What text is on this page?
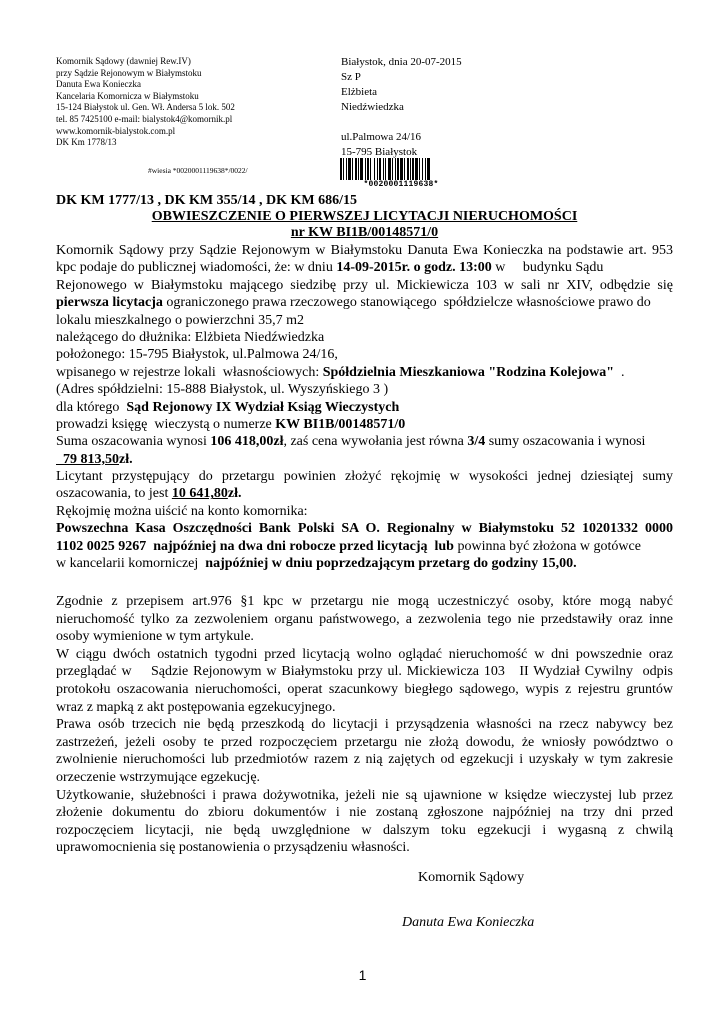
Komornik Sądowy (dawniej Rew.IV)
przy Sądzie Rejonowym w Białymstoku
Danuta Ewa Konieczka
Kancelaria Komornicza w Białymstoku
15-124 Białystok ul. Gen. Wł. Andersa 5 lok. 502
tel. 85 7425100 e-mail: bialystok4@komornik.pl
www.komornik-bialystok.com.pl
DK Km 1778/13
Białystok, dnia 20-07-2015
Sz P
Elżbieta
Niedźwiedzka
ul.Palmowa 24/16
15-795 Białystok
#wiesia *0020001119638*/0022/
*0020001119638*
DK KM 1777/13 , DK KM 355/14 , DK KM 686/15
OBWIESZCZENIE O PIERWSZEJ LICYTACJI NIERUCHOMOŚCI
nr KW BI1B/00148571/0
Komornik Sądowy przy Sądzie Rejonowym w Białymstoku Danuta Ewa Konieczka na podstawie art. 953
kpc podaje do publicznej wiadomości, że: w dniu 14-09-2015r. o godz. 13:00 w     budynku Sądu
Rejonowego w Białymstoku mającego siedzibę przy ul. Mickiewicza 103 w sali nr XIV, odbędzie się
pierwsza licytacja ograniczonego prawa rzeczowego stanowiącego  spółdzielcze własnościowe prawo do
lokalu mieszkalnego o powierzchni 35,7 m2
należącego do dłużnika: Elżbieta Niedźwiedzka
położonego: 15-795 Białystok, ul.Palmowa 24/16,
wpisanego w rejestrze lokali  własnościowych: Spółdzielnia Mieszkaniowa "Rodzina Kolejowa"  .
(Adres spółdzielni: 15-888 Białystok, ul. Wyszyńskiego 3 )
dla którego  Sąd Rejonowy IX Wydział Ksiąg Wieczystych
prowadzi księgę  wieczystą o numerze KW BI1B/00148571/0
Suma oszacowania wynosi 106 418,00zł, zaś cena wywołania jest równa 3/4 sumy oszacowania i wynosi
79 813,50zł.
Licytant przystępujący do przetargu powinien złożyć rękojmię w wysokości jednej dziesiątej sumy
oszacowania, to jest 10 641,80zł.
Rękojmię można uiścić na konto komornika:
Powszechna Kasa Oszczędności Bank Polski SA O. Regionalny w Białymstoku 52 10201332 0000
1102 0025 9267  najpóźniej na dwa dni robocze przed licytacją  lub powinna być złożona w gotówce
w kancelarii komorniczej  najpóźniej w dniu poprzedzającym przetarg do godziny 15,00.
Zgodnie z przepisem art.976 §1 kpc w przetargu nie mogą uczestniczyć osoby, które mogą nabyć
nieruchomość tylko za zezwoleniem organu państwowego, a zezwolenia tego nie przedstawiły oraz inne
osoby wymienione w tym artykule.
W ciągu dwóch ostatnich tygodni przed licytacją wolno oglądać nieruchomość w dni powszednie oraz
przeglądać w    Sądzie Rejonowym w Białymstoku przy ul. Mickiewicza 103   II Wydział Cywilny  odpis
protokołu oszacowania nieruchomości, operat szacunkowy biegłego sądowego, wypis z rejestru gruntów
wraz z mapką z akt postępowania egzekucyjnego.
Prawa osób trzecich nie będą przeszkodą do licytacji i przysądzenia własności na rzecz nabywcy bez
zastrzeżeń, jeżeli osoby te przed rozpoczęciem przetargu nie złożą dowodu, że wniosły powództwo o
zwolnienie nieruchomości lub przedmiotów razem z nią zajętych od egzekucji i uzyskały w tym zakresie
orzeczenie wstrzymujące egzekucję.
Użytkowanie, służebności i prawa dożywotnika, jeżeli nie są ujawnione w księdze wieczystej lub przez
złożenie dokumentu do zbioru dokumentów i nie zostaną zgłoszone najpóźniej na trzy dni przed
rozpoczęciem licytacji, nie będą uwzględnione w dalszym toku egzekucji i wygasną z chwilą
uprawomocnienia się postanowienia o przysądzeniu własności.
Komornik Sądowy
Danuta Ewa Konieczka
1
